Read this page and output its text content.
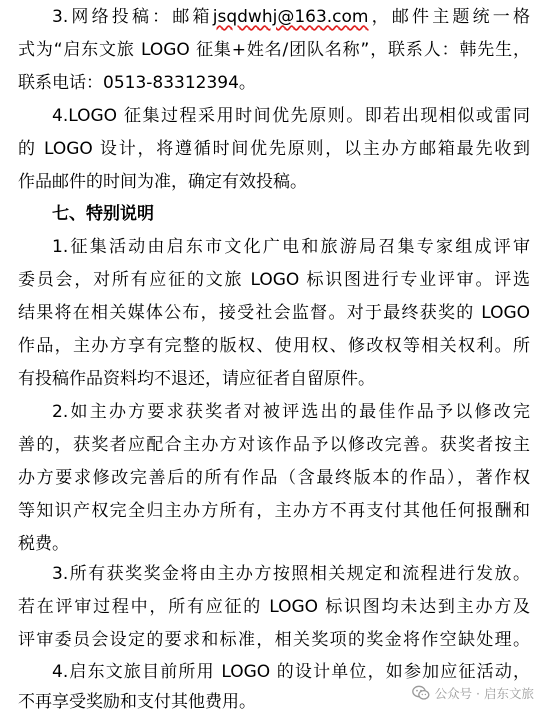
3.网络投稿：邮箱jsqdwhj@163.com，邮件主题统一格
式为“启东文旅 LOGO 征集+姓名/团队名称”，联系人：韩先生，
联系电话：0513-83312394。
4.LOGO 征集过程采用时间优先原则。即若出现相似或雷同
的 LOGO 设计，将遵循时间优先原则，以主办方邮箱最先收到
作品邮件的时间为准，确定有效投稿。
七、特别说明
1.征集活动由启东市文化广电和旅游局召集专家组成评审
委员会，对所有应征的文旅 LOGO 标识图进行专业评审。评选
结果将在相关媒体公布，接受社会监督。对于最终获奖的 LOGO
作品，主办方享有完整的版权、使用权、修改权等相关权利。所
有投稿作品资料均不退还，请应征者自留原件。
2.如主办方要求获奖者对被评选出的最佳作品予以修改完
善的，获奖者应配合主办方对该作品予以修改完善。获奖者按主
办方要求修改完善后的所有作品（含最终版本的作品），著作权
等知识产权完全归主办方所有，主办方不再支付其他任何报酬和
税费。
3.所有获奖奖金将由主办方按照相关规定和流程进行发放。
若在评审过程中，所有应征的 LOGO 标识图均未达到主办方及
评审委员会设定的要求和标准，相关奖项的奖金将作空缺处理。
4.启东文旅目前所用 LOGO 的设计单位，如参加应征活动，
不再享受奖励和支付其他费用。	公众号 · 启东文旅
